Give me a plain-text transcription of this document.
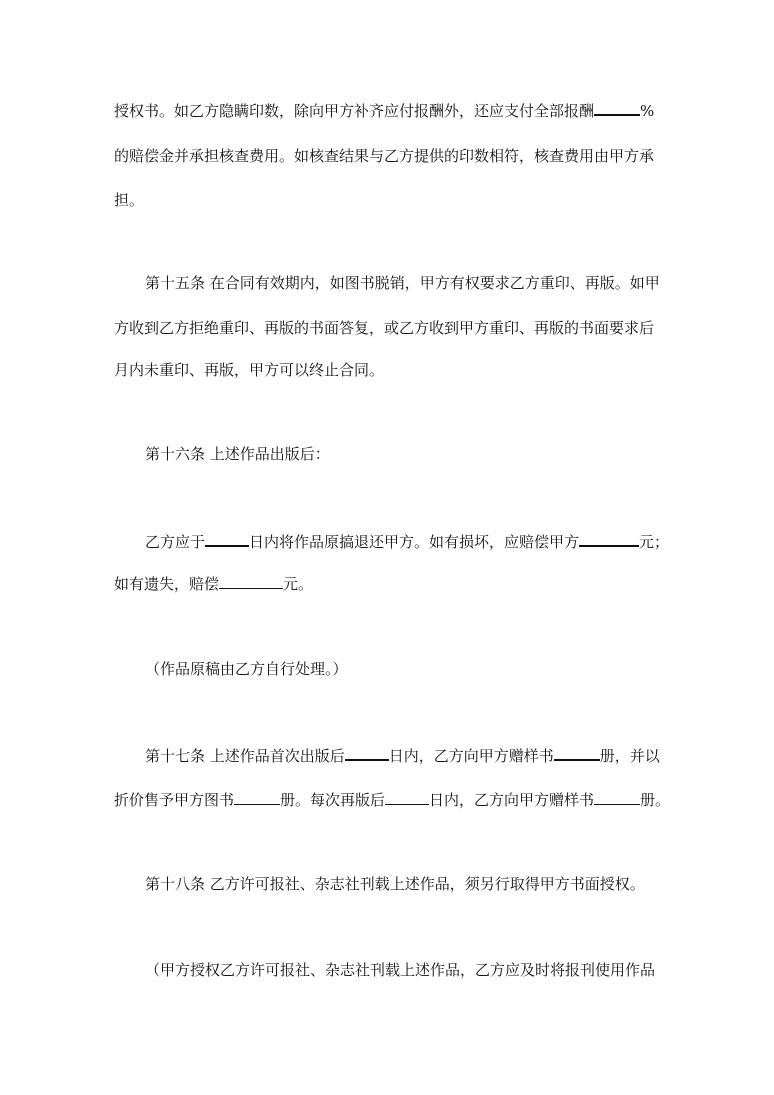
授权书。如乙方隐瞒印数，除向甲方补齐应付报酬外，还应支付全部报酬	%
的赔偿金并承担核查费用。如核查结果与乙方提供的印数相符，核查费用由甲方承
担。
第十五条 在合同有效期内，如图书脱销，甲方有权要求乙方重印、再版。如甲
方收到乙方拒绝重印、再版的书面答复，或乙方收到甲方重印、再版的书面要求后
月内未重印、再版，甲方可以终止合同。
第十六条 上述作品出版后：
乙方应于	日内将作品原搞退还甲方。如有损坏，应赔偿甲方	元；
如有遗失，赔偿	元。
（作品原稿由乙方自行处理。）
第十七条 上述作品首次出版后	日内，乙方向甲方赠样书	册，并以
折价售予甲方图书	册。每次再版后	日内，乙方向甲方赠样书	册。
第十八条 乙方许可报社、杂志社刊载上述作品，须另行取得甲方书面授权。
（甲方授权乙方许可报社、杂志社刊载上述作品，乙方应及时将报刊使用作品
